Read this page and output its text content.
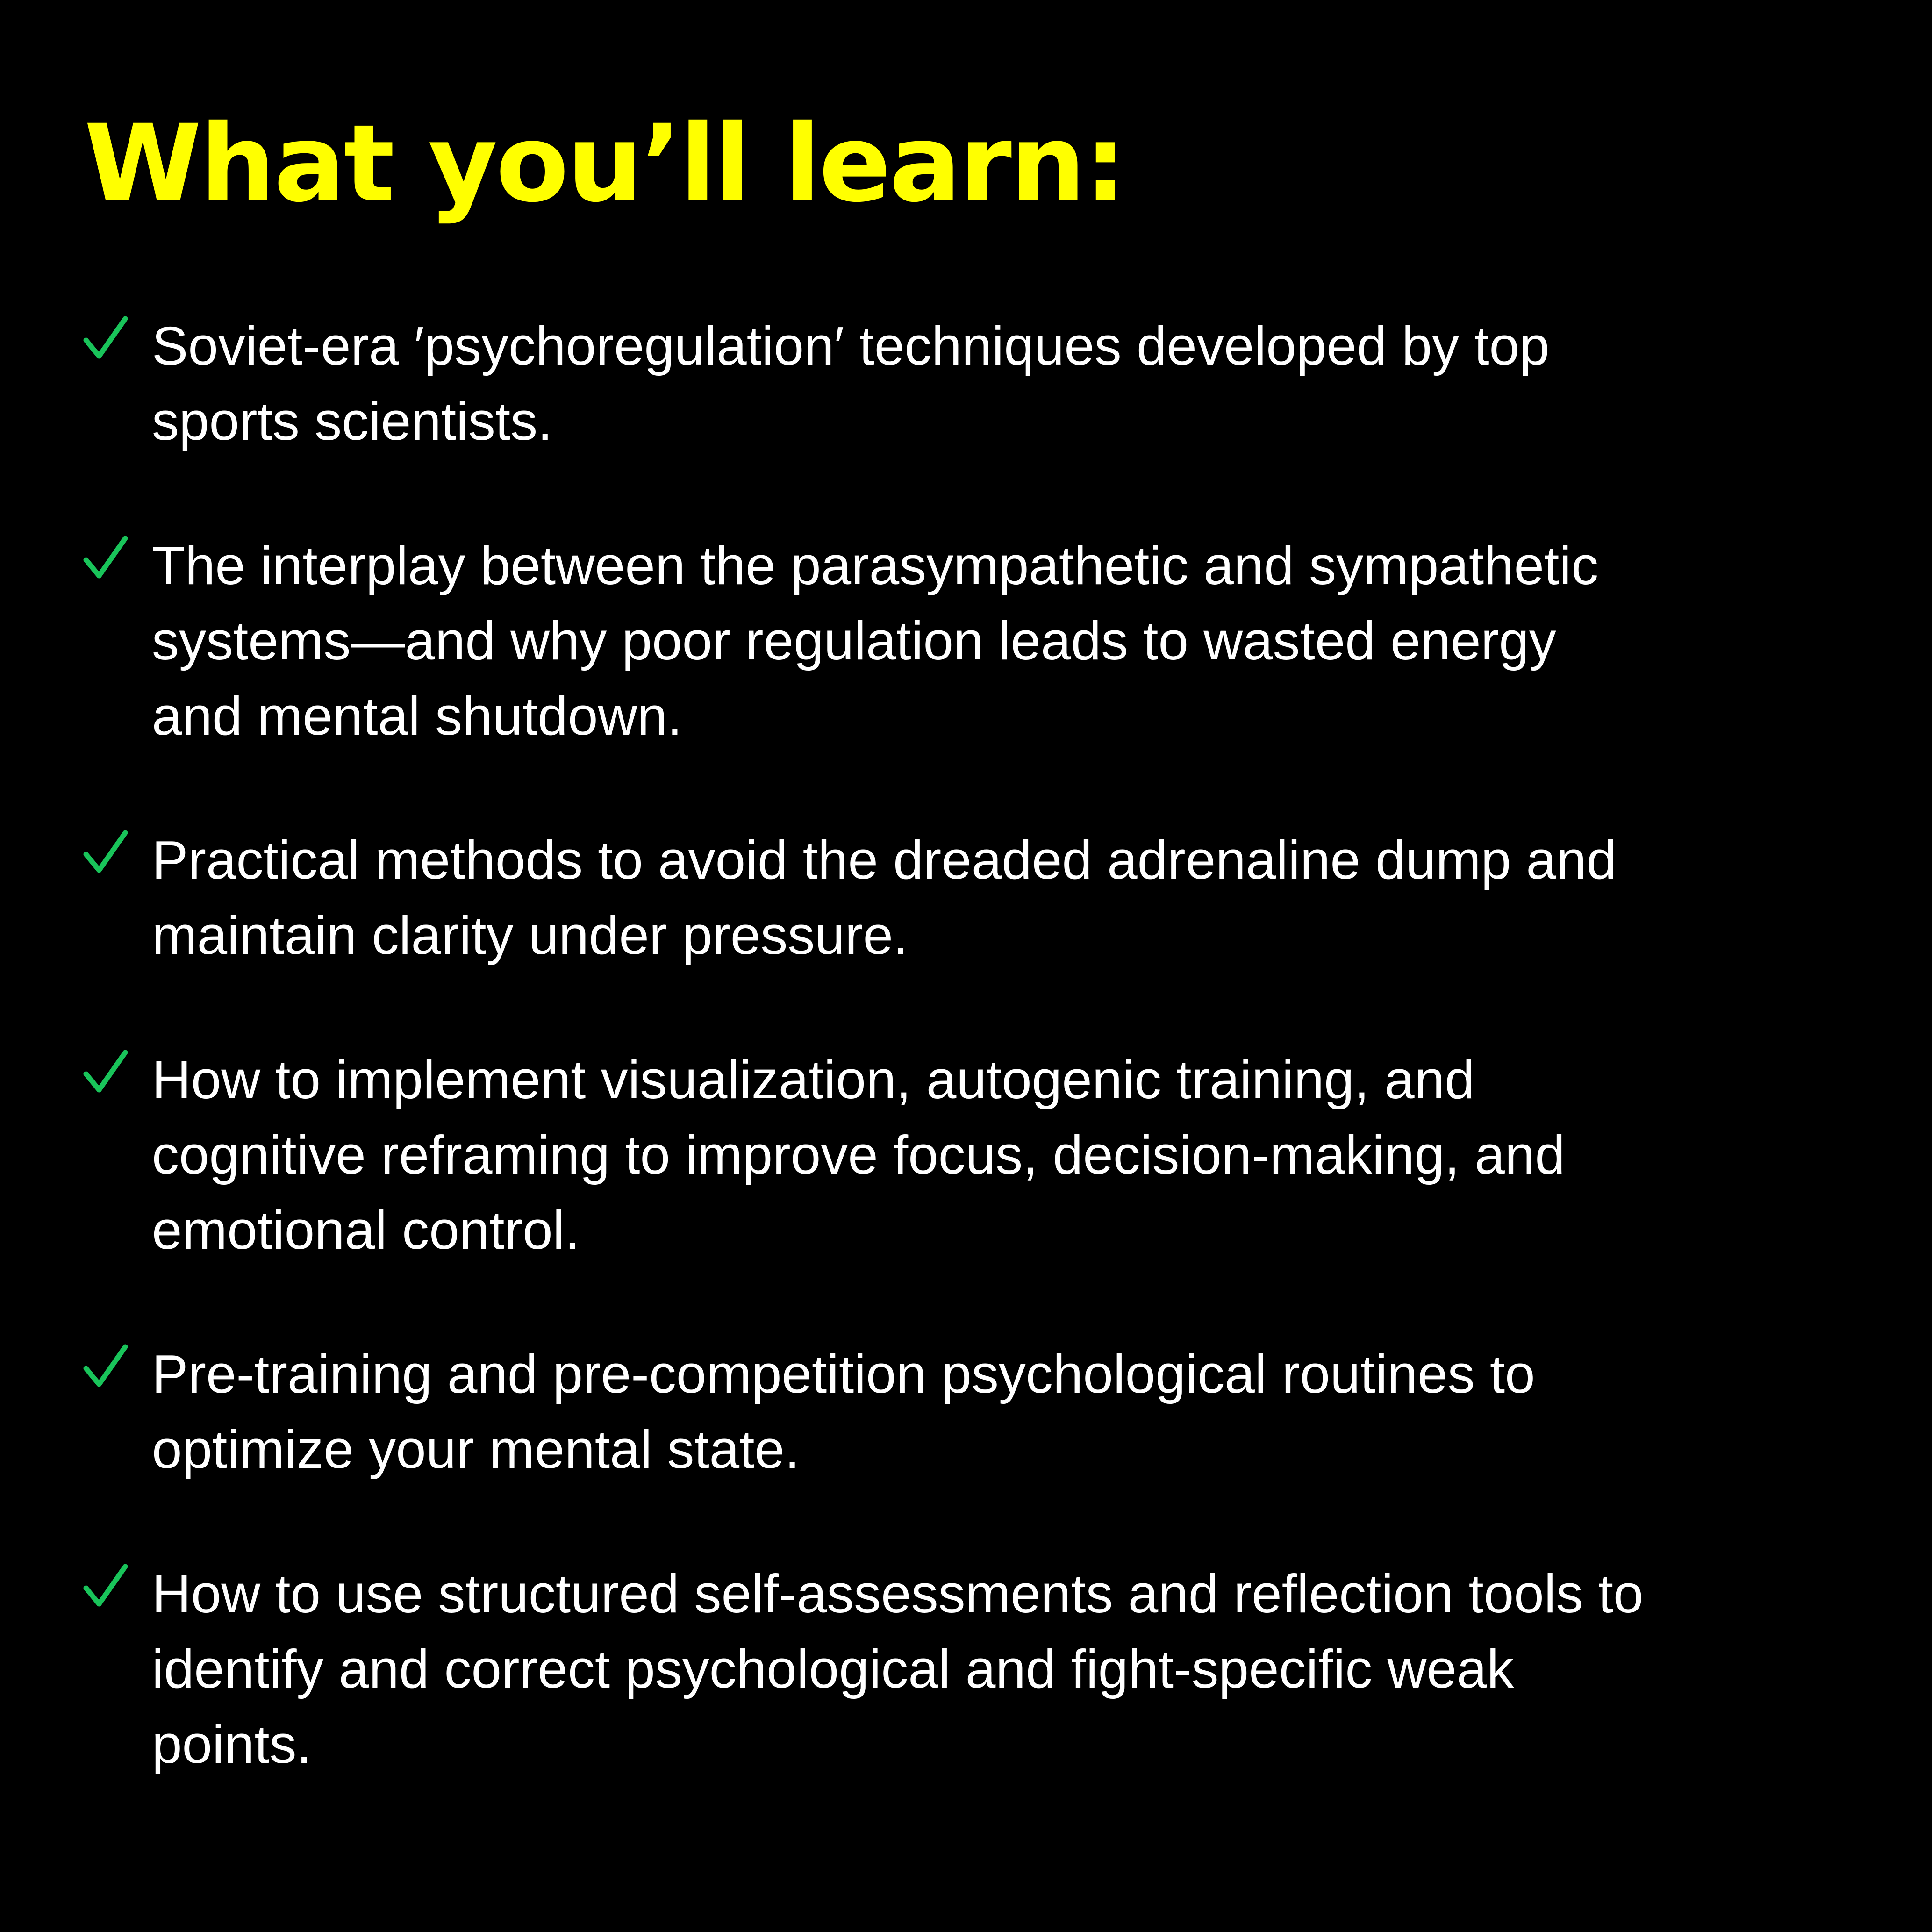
What you’ll learn:
Soviet-era ′psychoregulation′ techniques developed by top
sports scientists.
The interplay between the parasympathetic and sympathetic
systems—and why poor regulation leads to wasted energy
and mental shutdown.
Practical methods to avoid the dreaded adrenaline dump and
maintain clarity under pressure.
How to implement visualization, autogenic training, and
cognitive reframing to improve focus, decision-making, and
emotional control.
Pre-training and pre-competition psychological routines to
optimize your mental state.
How to use structured self-assessments and reflection tools to
identify and correct psychological and fight-specific weak
points.
